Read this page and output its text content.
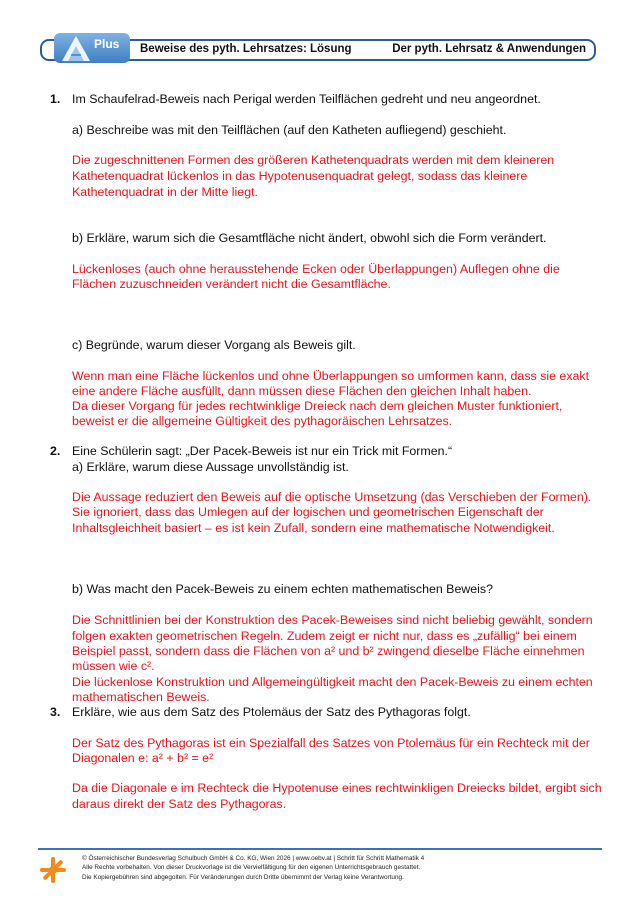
Plus Beweise des pyth. Lehrsatzes: Lösung	Der pyth. Lehrsatz & Anwendungen
1. Im Schaufelrad-Beweis nach Perigal werden Teilflächen gedreht und neu angeordnet.
a) Beschreibe was mit den Teilflächen (auf den Katheten aufliegend) geschieht.
Die zugeschnittenen Formen des größeren Kathetenquadrats werden mit dem kleineren
Kathetenquadrat lückenlos in das Hypotenusenquadrat gelegt, sodass das kleinere
Kathetenquadrat in der Mitte liegt.
b) Erkläre, warum sich die Gesamtfläche nicht ändert, obwohl sich die Form verändert.
Lückenloses (auch ohne herausstehende Ecken oder Überlappungen) Auflegen ohne die
Flächen zuzuschneiden verändert nicht die Gesamtfläche.
c) Begründe, warum dieser Vorgang als Beweis gilt.
Wenn man eine Fläche lückenlos und ohne Überlappungen so umformen kann, dass sie exakt
eine andere Fläche ausfüllt, dann müssen diese Flächen den gleichen Inhalt haben.
Da dieser Vorgang für jedes rechtwinklige Dreieck nach dem gleichen Muster funktioniert,
beweist er die allgemeine Gültigkeit des pythagoräischen Lehrsatzes.
2. Eine Schülerin sagt: „Der Pacek-Beweis ist nur ein Trick mit Formen.“
a) Erkläre, warum diese Aussage unvollständig ist.
Die Aussage reduziert den Beweis auf die optische Umsetzung (das Verschieben der Formen).
Sie ignoriert, dass das Umlegen auf der logischen und geometrischen Eigenschaft der
Inhaltsgleichheit basiert – es ist kein Zufall, sondern eine mathematische Notwendigkeit.
b) Was macht den Pacek-Beweis zu einem echten mathematischen Beweis?
Die Schnittlinien bei der Konstruktion des Pacek-Beweises sind nicht beliebig gewählt, sondern
folgen exakten geometrischen Regeln. Zudem zeigt er nicht nur, dass es „zufällig“ bei einem
Beispiel passt, sondern dass die Flächen von a² und b² zwingend dieselbe Fläche einnehmen
müssen wie c².
Die lückenlose Konstruktion und Allgemeingültigkeit macht den Pacek-Beweis zu einem echten
mathematischen Beweis.
3. Erkläre, wie aus dem Satz des Ptolemäus der Satz des Pythagoras folgt.
Der Satz des Pythagoras ist ein Spezialfall des Satzes von Ptolemäus für ein Rechteck mit der
Diagonalen e: a² + b² = e²
Da die Diagonale e im Rechteck die Hypotenuse eines rechtwinkligen Dreiecks bildet, ergibt sich
daraus direkt der Satz des Pythagoras.
© Österreichischer Bundesverlag Schulbuch GmbH & Co. KG, Wien 2026 | www.oebv.at | Schritt für Schritt Mathematik 4
Alle Rechte vorbehalten. Von dieser Druckvorlage ist die Vervielfältigung für den eigenen Unterrichtsgebrauch gestattet.
Die Kopiergebühren sind abgegolten. Für Veränderungen durch Dritte übernimmt der Verlag keine Verantwortung.
